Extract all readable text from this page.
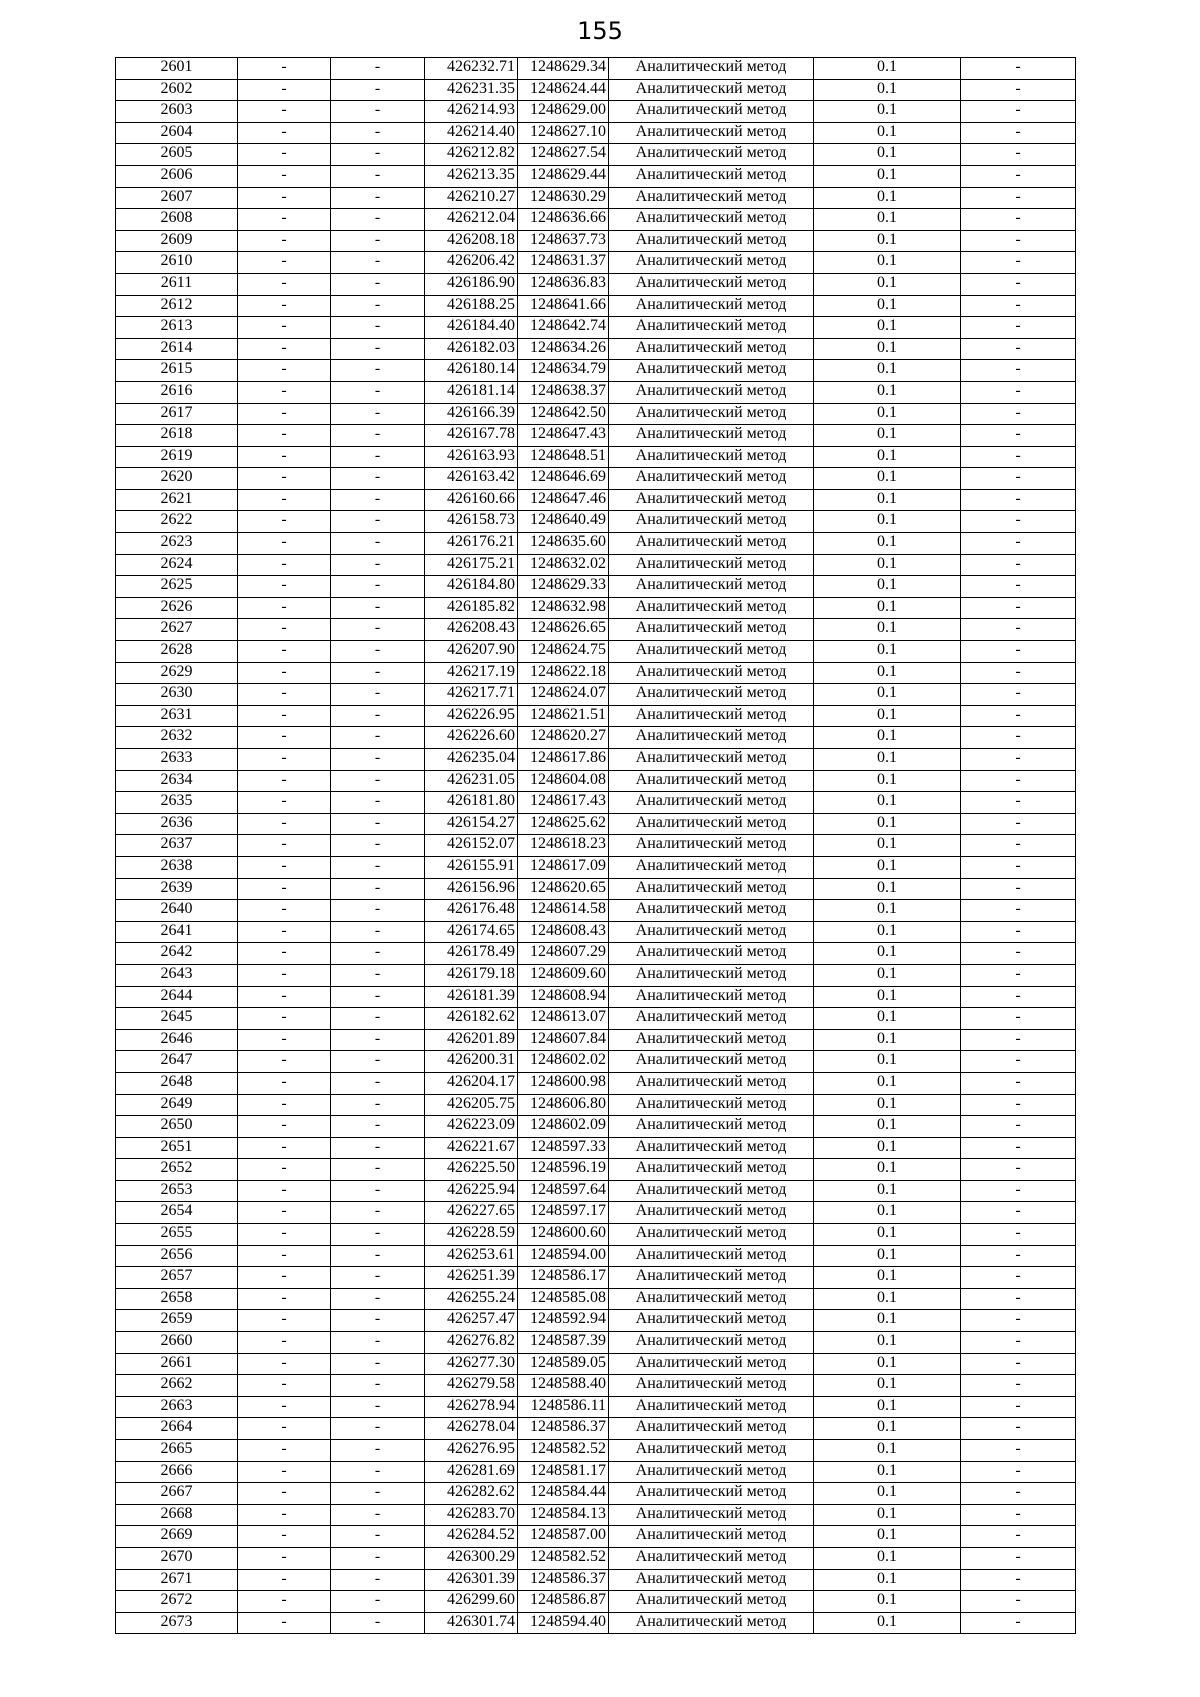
155
2601	-	-	426232.71	1248629.34	Аналитический метод	0.1	-
2602	-	-	426231.35	1248624.44	Аналитический метод	0.1	-
2603	-	-	426214.93	1248629.00	Аналитический метод	0.1	-
2604	-	-	426214.40	1248627.10	Аналитический метод	0.1	-
2605	-	-	426212.82	1248627.54	Аналитический метод	0.1	-
2606	-	-	426213.35	1248629.44	Аналитический метод	0.1	-
2607	-	-	426210.27	1248630.29	Аналитический метод	0.1	-
2608	-	-	426212.04	1248636.66	Аналитический метод	0.1	-
2609	-	-	426208.18	1248637.73	Аналитический метод	0.1	-
2610	-	-	426206.42	1248631.37	Аналитический метод	0.1	-
2611	-	-	426186.90	1248636.83	Аналитический метод	0.1	-
2612	-	-	426188.25	1248641.66	Аналитический метод	0.1	-
2613	-	-	426184.40	1248642.74	Аналитический метод	0.1	-
2614	-	-	426182.03	1248634.26	Аналитический метод	0.1	-
2615	-	-	426180.14	1248634.79	Аналитический метод	0.1	-
2616	-	-	426181.14	1248638.37	Аналитический метод	0.1	-
2617	-	-	426166.39	1248642.50	Аналитический метод	0.1	-
2618	-	-	426167.78	1248647.43	Аналитический метод	0.1	-
2619	-	-	426163.93	1248648.51	Аналитический метод	0.1	-
2620	-	-	426163.42	1248646.69	Аналитический метод	0.1	-
2621	-	-	426160.66	1248647.46	Аналитический метод	0.1	-
2622	-	-	426158.73	1248640.49	Аналитический метод	0.1	-
2623	-	-	426176.21	1248635.60	Аналитический метод	0.1	-
2624	-	-	426175.21	1248632.02	Аналитический метод	0.1	-
2625	-	-	426184.80	1248629.33	Аналитический метод	0.1	-
2626	-	-	426185.82	1248632.98	Аналитический метод	0.1	-
2627	-	-	426208.43	1248626.65	Аналитический метод	0.1	-
2628	-	-	426207.90	1248624.75	Аналитический метод	0.1	-
2629	-	-	426217.19	1248622.18	Аналитический метод	0.1	-
2630	-	-	426217.71	1248624.07	Аналитический метод	0.1	-
2631	-	-	426226.95	1248621.51	Аналитический метод	0.1	-
2632	-	-	426226.60	1248620.27	Аналитический метод	0.1	-
2633	-	-	426235.04	1248617.86	Аналитический метод	0.1	-
2634	-	-	426231.05	1248604.08	Аналитический метод	0.1	-
2635	-	-	426181.80	1248617.43	Аналитический метод	0.1	-
2636	-	-	426154.27	1248625.62	Аналитический метод	0.1	-
2637	-	-	426152.07	1248618.23	Аналитический метод	0.1	-
2638	-	-	426155.91	1248617.09	Аналитический метод	0.1	-
2639	-	-	426156.96	1248620.65	Аналитический метод	0.1	-
2640	-	-	426176.48	1248614.58	Аналитический метод	0.1	-
2641	-	-	426174.65	1248608.43	Аналитический метод	0.1	-
2642	-	-	426178.49	1248607.29	Аналитический метод	0.1	-
2643	-	-	426179.18	1248609.60	Аналитический метод	0.1	-
2644	-	-	426181.39	1248608.94	Аналитический метод	0.1	-
2645	-	-	426182.62	1248613.07	Аналитический метод	0.1	-
2646	-	-	426201.89	1248607.84	Аналитический метод	0.1	-
2647	-	-	426200.31	1248602.02	Аналитический метод	0.1	-
2648	-	-	426204.17	1248600.98	Аналитический метод	0.1	-
2649	-	-	426205.75	1248606.80	Аналитический метод	0.1	-
2650	-	-	426223.09	1248602.09	Аналитический метод	0.1	-
2651	-	-	426221.67	1248597.33	Аналитический метод	0.1	-
2652	-	-	426225.50	1248596.19	Аналитический метод	0.1	-
2653	-	-	426225.94	1248597.64	Аналитический метод	0.1	-
2654	-	-	426227.65	1248597.17	Аналитический метод	0.1	-
2655	-	-	426228.59	1248600.60	Аналитический метод	0.1	-
2656	-	-	426253.61	1248594.00	Аналитический метод	0.1	-
2657	-	-	426251.39	1248586.17	Аналитический метод	0.1	-
2658	-	-	426255.24	1248585.08	Аналитический метод	0.1	-
2659	-	-	426257.47	1248592.94	Аналитический метод	0.1	-
2660	-	-	426276.82	1248587.39	Аналитический метод	0.1	-
2661	-	-	426277.30	1248589.05	Аналитический метод	0.1	-
2662	-	-	426279.58	1248588.40	Аналитический метод	0.1	-
2663	-	-	426278.94	1248586.11	Аналитический метод	0.1	-
2664	-	-	426278.04	1248586.37	Аналитический метод	0.1	-
2665	-	-	426276.95	1248582.52	Аналитический метод	0.1	-
2666	-	-	426281.69	1248581.17	Аналитический метод	0.1	-
2667	-	-	426282.62	1248584.44	Аналитический метод	0.1	-
2668	-	-	426283.70	1248584.13	Аналитический метод	0.1	-
2669	-	-	426284.52	1248587.00	Аналитический метод	0.1	-
2670	-	-	426300.29	1248582.52	Аналитический метод	0.1	-
2671	-	-	426301.39	1248586.37	Аналитический метод	0.1	-
2672	-	-	426299.60	1248586.87	Аналитический метод	0.1	-
2673	-	-	426301.74	1248594.40	Аналитический метод	0.1	-
